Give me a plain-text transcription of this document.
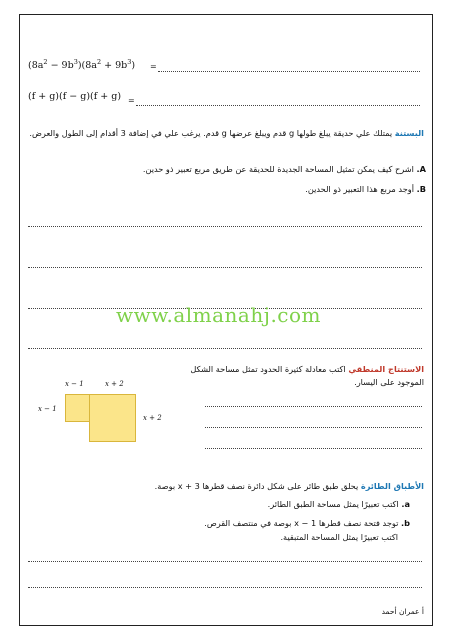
$(8a^2 - 9b^3)(8a^2 + 9b^3)$ =
(f + g)(f − g)(f + g) =
البستنة يمتلك علي حديقة يبلغ طولها g قدم ويبلغ عرضها g قدم. يرغب علي في إضافة 3 أقدام إلى الطول والعرض.
A. اشرح كيف يمكن تمثيل المساحة الجديدة للحديقة عن طريق مربع تعبير ذو حدين.
B. أوجد مربع هذا التعبير ذو الحدين.
www.almanahj.com
الاستنتاج المنطقي اكتب معادلة كثيرة الحدود تمثل مساحة الشكل الموجود على اليسار.
x − 1	x + 2
x − 1
x + 2
الأطباق الطائرة يحلق طبق طائر على شكل دائرة نصف قطرها 3 + x بوصة.
a. اكتب تعبيرًا يمثل مساحة الطبق الطائر.
b. توجد فتحة نصف قطرها 1 − x بوصة في منتصف القرص.
اكتب تعبيرًا يمثل المساحة المتبقية.
أ عمران أحمد
